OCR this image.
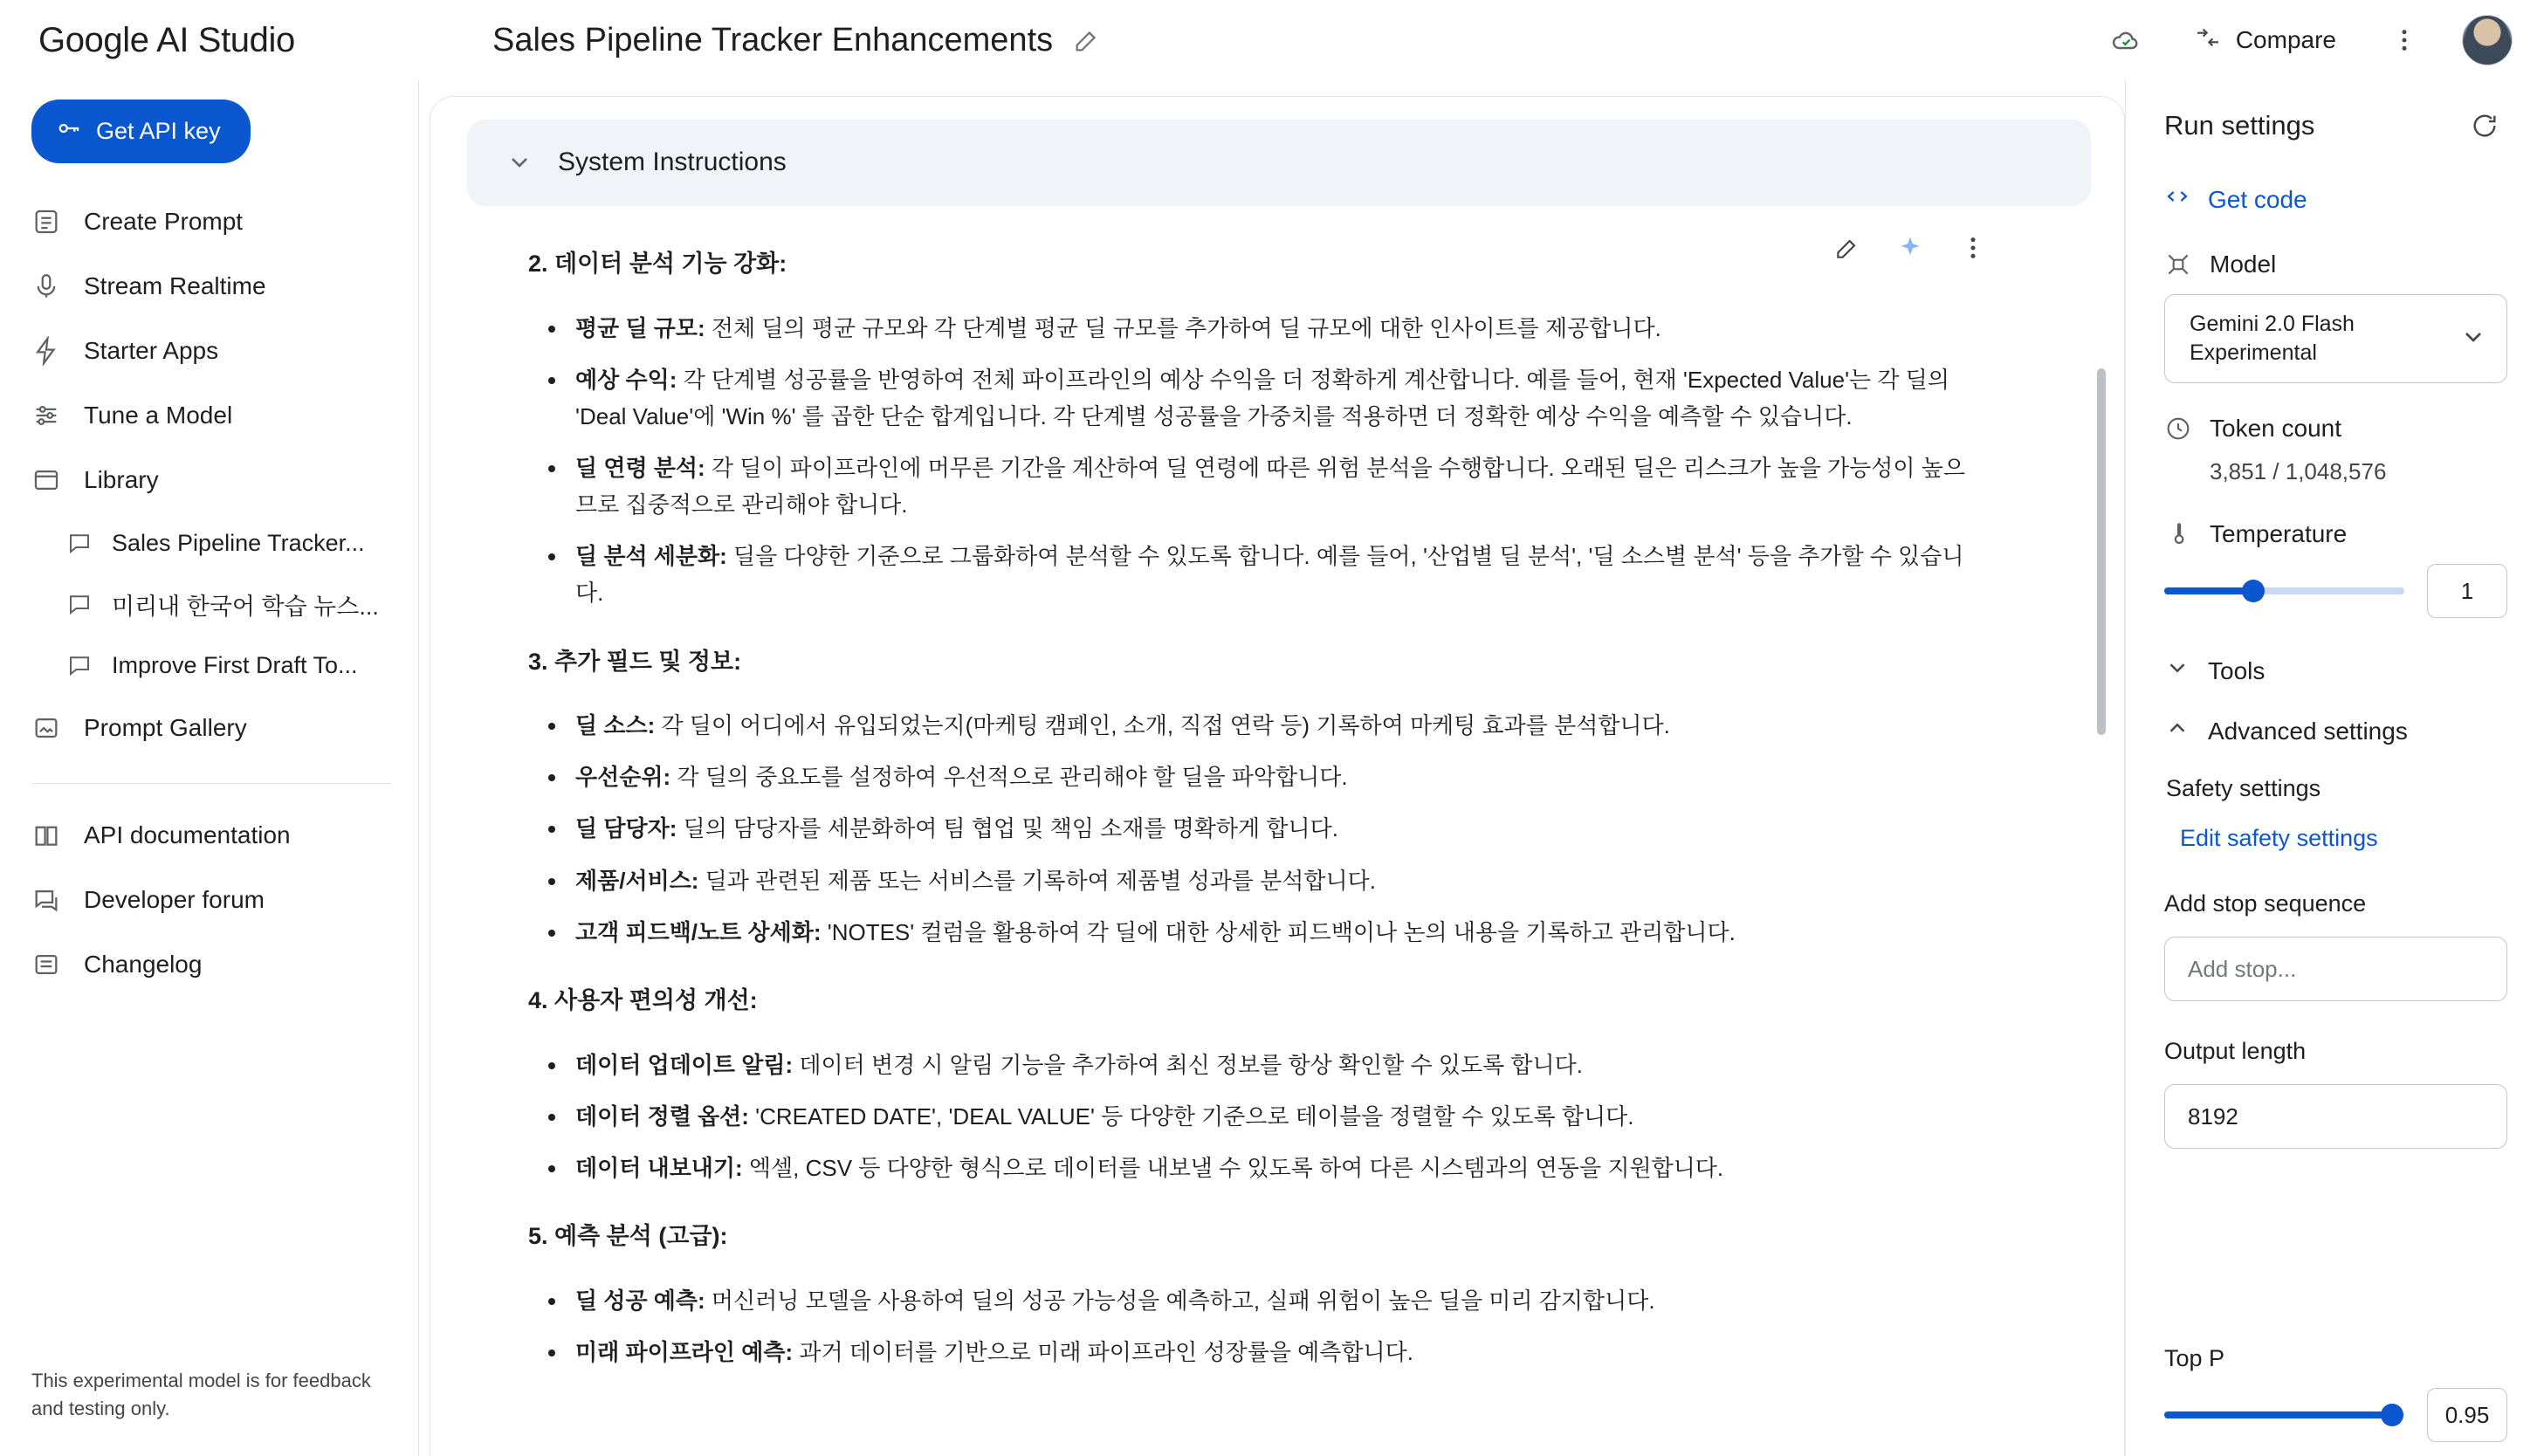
Google AI Studio	Sales Pipeline Tracker Enhancements	Compare
Get API key
Create Prompt
Stream Realtime
Starter Apps
Tune a Model
Library
Sales Pipeline Tracker...
미리내 한국어 학습 뉴스...
Improve First Draft To...
Prompt Gallery
API documentation
Developer forum
Changelog
This experimental model is for feedback and testing only.
2. 데이터 분석 기능 강화:
• 평균 딜 규모: 전체 딜의 평균 규모와 각 단계별 평균 딜 규모를 추가하여 딜 규모에 대한 인사이트를 제공합니다.
• 예상 수익: 각 단계별 성공률을 반영하여 전체 파이프라인의 예상 수익을 더 정확하게 계산합니다. 예를 들어, 현재 'Expected Value'는 각 딜의 'Deal Value'에 'Win %' 를 곱한 단순 합계입니다. 각 단계별 성공률을 가중치를 적용하면 더 정확한 예상 수익을 예측할 수 있습니다.
• 딜 연령 분석: 각 딜이 파이프라인에 머무른 기간을 계산하여 딜 연령에 따른 위험 분석을 수행합니다. 오래된 딜은 리스크가 높을 가능성이 높으므로 집중적으로 관리해야 합니다.
• 딜 분석 세분화: 딜을 다양한 기준으로 그룹화하여 분석할 수 있도록 합니다. 예를 들어, '산업별 딜 분석', '딜 소스별 분석' 등을 추가할 수 있습니다.
3. 추가 필드 및 정보:
• 딜 소스: 각 딜이 어디에서 유입되었는지(마케팅 캠페인, 소개, 직접 연락 등) 기록하여 마케팅 효과를 분석합니다.
• 우선순위: 각 딜의 중요도를 설정하여 우선적으로 관리해야 할 딜을 파악합니다.
• 딜 담당자: 딜의 담당자를 세분화하여 팀 협업 및 책임 소재를 명확하게 합니다.
• 제품/서비스: 딜과 관련된 제품 또는 서비스를 기록하여 제품별 성과를 분석합니다.
• 고객 피드백/노트 상세화: 'NOTES' 컬럼을 활용하여 각 딜에 대한 상세한 피드백이나 논의 내용을 기록하고 관리합니다.
4. 사용자 편의성 개선:
• 데이터 업데이트 알림: 데이터 변경 시 알림 기능을 추가하여 최신 정보를 항상 확인할 수 있도록 합니다.
• 데이터 정렬 옵션: 'CREATED DATE', 'DEAL VALUE' 등 다양한 기준으로 테이블을 정렬할 수 있도록 합니다.
• 데이터 내보내기: 엑셀, CSV 등 다양한 형식으로 데이터를 내보낼 수 있도록 하여 다른 시스템과의 연동을 지원합니다.
5. 예측 분석 (고급):
• 딜 성공 예측: 머신러닝 모델을 사용하여 딜의 성공 가능성을 예측하고, 실패 위험이 높은 딜을 미리 감지합니다.
• 미래 파이프라인 예측: 과거 데이터를 기반으로 미래 파이프라인 성장률을 예측합니다.
System Instructions
Run settings
Get code
Model
Gemini 2.0 Flash Experimental
Token count
3,851 / 1,048,576
Temperature
1
Tools
Advanced settings
Safety settings
Edit safety settings
Add stop sequence
Add stop...
Output length
8192
Top P
0.95
